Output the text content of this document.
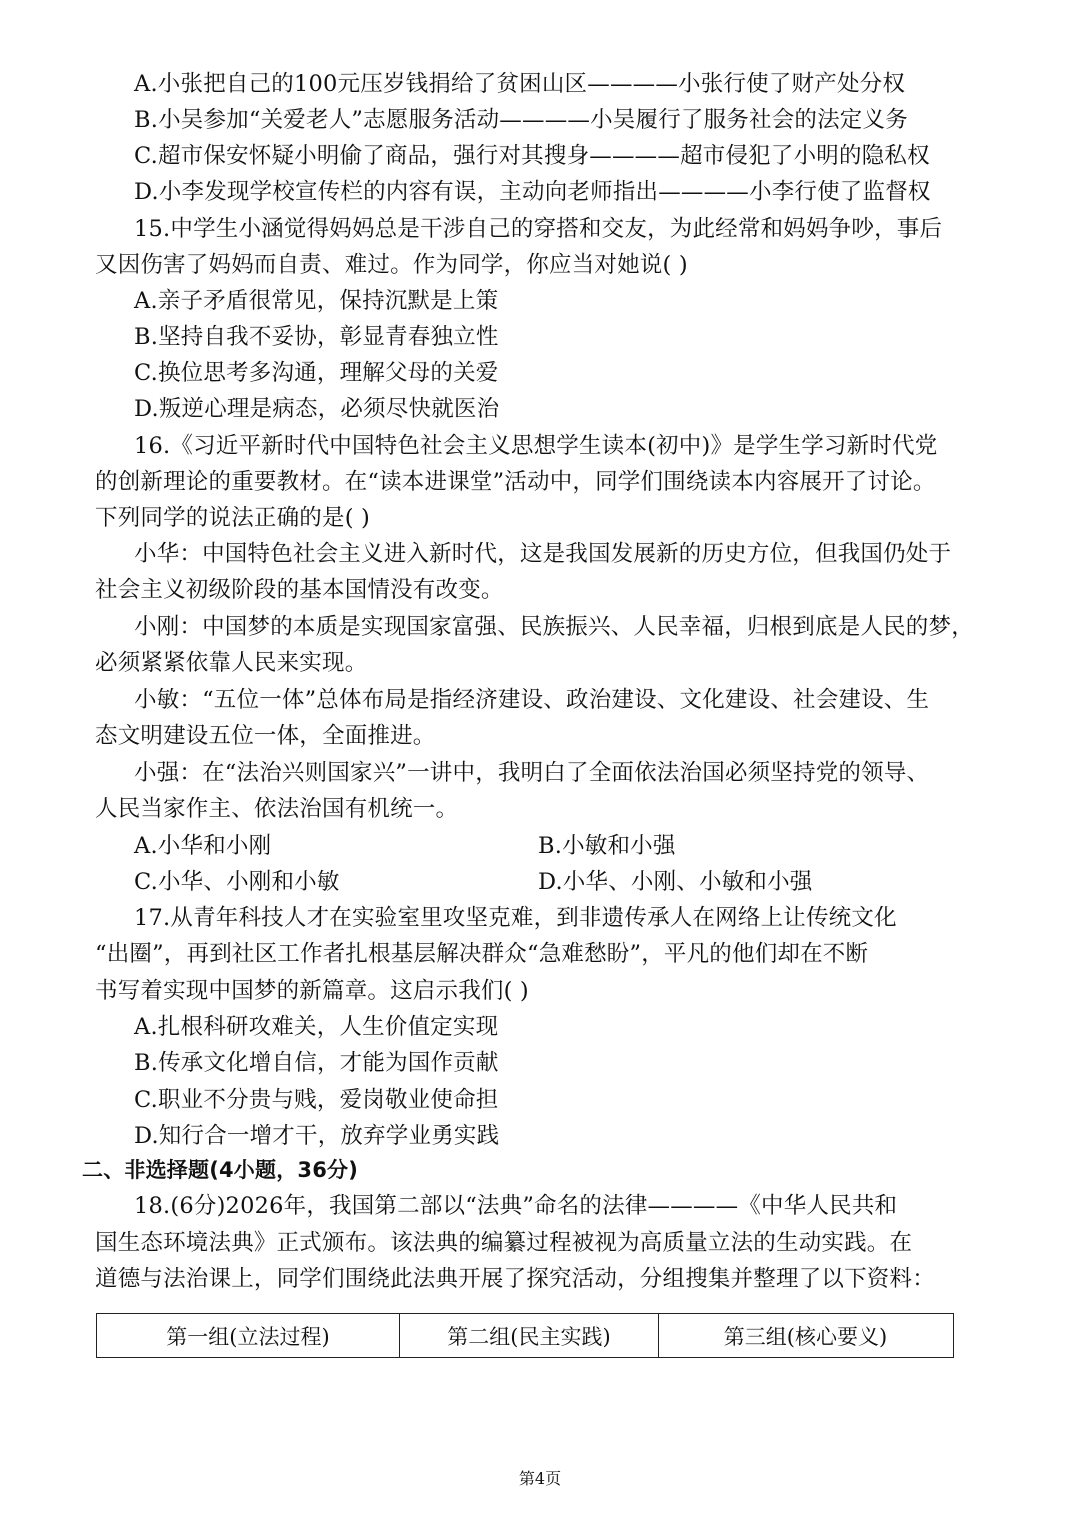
A.小张把自己的100元压岁钱捐给了贫困山区————小张行使了财产处分权
B.小吴参加“关爱老人”志愿服务活动————小吴履行了服务社会的法定义务
C.超市保安怀疑小明偷了商品，强行对其搜身————超市侵犯了小明的隐私权
D.小李发现学校宣传栏的内容有误，主动向老师指出————小李行使了监督权
15.中学生小涵觉得妈妈总是干涉自己的穿搭和交友，为此经常和妈妈争吵，事后
又因伤害了妈妈而自责、难过。作为同学，你应当对她说( )
A.亲子矛盾很常见，保持沉默是上策
B.坚持自我不妥协，彰显青春独立性
C.换位思考多沟通，理解父母的关爱
D.叛逆心理是病态，必须尽快就医治
16.《习近平新时代中国特色社会主义思想学生读本(初中)》是学生学习新时代党
的创新理论的重要教材。在“读本进课堂”活动中，同学们围绕读本内容展开了讨论。
下列同学的说法正确的是( )
小华：中国特色社会主义进入新时代，这是我国发展新的历史方位，但我国仍处于
社会主义初级阶段的基本国情没有改变。
小刚：中国梦的本质是实现国家富强、民族振兴、人民幸福，归根到底是人民的梦，
必须紧紧依靠人民来实现。
小敏：“五位一体”总体布局是指经济建设、政治建设、文化建设、社会建设、生
态文明建设五位一体，全面推进。
小强：在“法治兴则国家兴”一讲中，我明白了全面依法治国必须坚持党的领导、
人民当家作主、依法治国有机统一。
A.小华和小刚	B.小敏和小强
C.小华、小刚和小敏	D.小华、小刚、小敏和小强
17.从青年科技人才在实验室里攻坚克难，到非遗传承人在网络上让传统文化
“出圈”，再到社区工作者扎根基层解决群众“急难愁盼”，平凡的他们却在不断
书写着实现中国梦的新篇章。这启示我们( )
A.扎根科研攻难关，人生价值定实现
B.传承文化增自信，才能为国作贡献
C.职业不分贵与贱，爱岗敬业使命担
D.知行合一增才干，放弃学业勇实践
二、非选择题(4小题，36分)
18.(6分)2026年，我国第二部以“法典”命名的法律————《中华人民共和
国生态环境法典》正式颁布。该法典的编纂过程被视为高质量立法的生动实践。在
道德与法治课上，同学们围绕此法典开展了探究活动，分组搜集并整理了以下资料：
第一组(立法过程)	第二组(民主实践)	第三组(核心要义)
第4页
